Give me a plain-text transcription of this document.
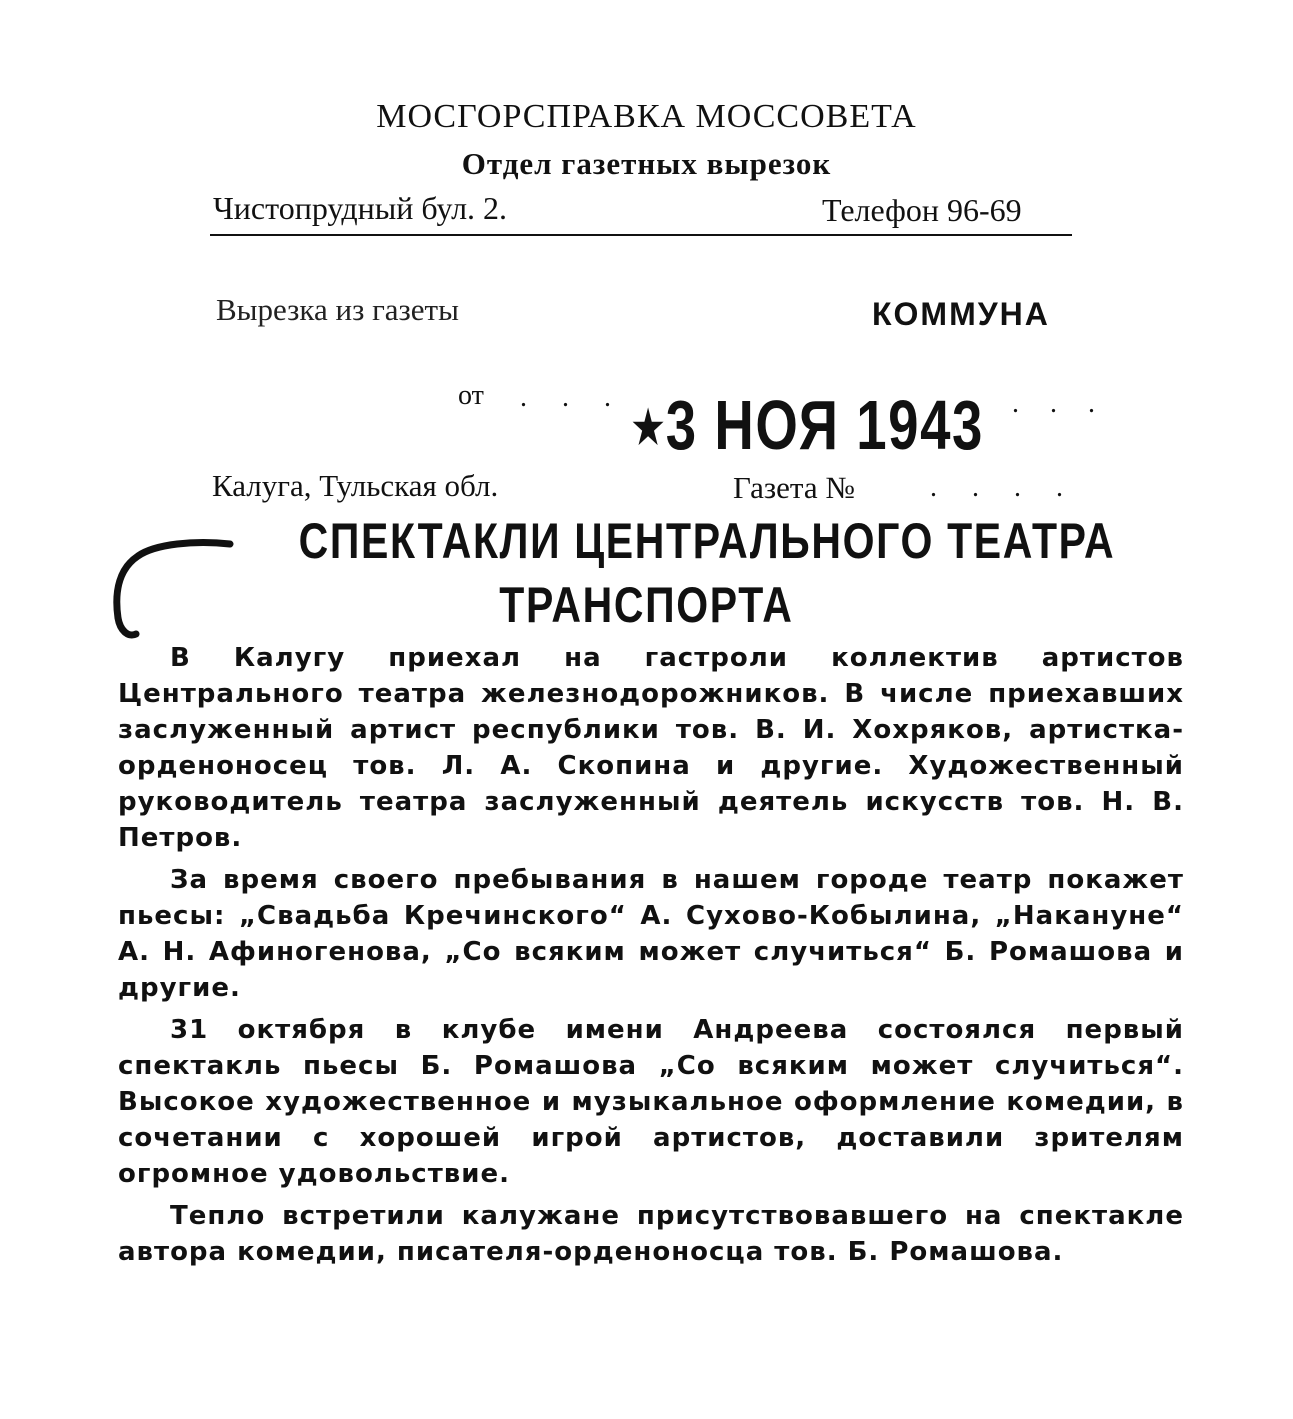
МОСГОРСПРАВКА МОССОВЕТА
Отдел газетных вырезок
Чистопрудный бул. 2.	Телефон 96-69
Вырезка из газеты	КОММУНА
от . . .
★3 НОЯ 1943 . . .
Калуга, Тульская обл.	Газета №	. . . .
СПЕКТАКЛИ ЦЕНТРАЛЬНОГО ТЕАТРА
ТРАНСПОРТА

В Калугу приехал на гастроли коллектив артистов Центрального театра железнодорожников. В числе приехавших заслуженный артист республики тов. В. И. Хохряков, артистка-орденоносец тов. Л. А. Скопина и другие. Художественный руководитель театра заслуженный деятель искусств тов. Н. В. Петров.

За время своего пребывания в нашем городе театр покажет пьесы: „Свадьба Кречинского“ А. Сухово-Кобылина, „Накануне“ А. Н. Афиногенова, „Со всяким может случиться“ Б. Ромашова и другие.

31 октября в клубе имени Андреева состоялся первый спектакль пьесы Б. Ромашова „Со всяким может случиться“. Высокое художественное и музыкальное оформление комедии, в сочетании с хорошей игрой артистов, доставили зрителям огромное удовольствие.

Тепло встретили калужане присутствовавшего на спектакле автора комедии, писателя-орденоносца тов. Б. Ромашова.
